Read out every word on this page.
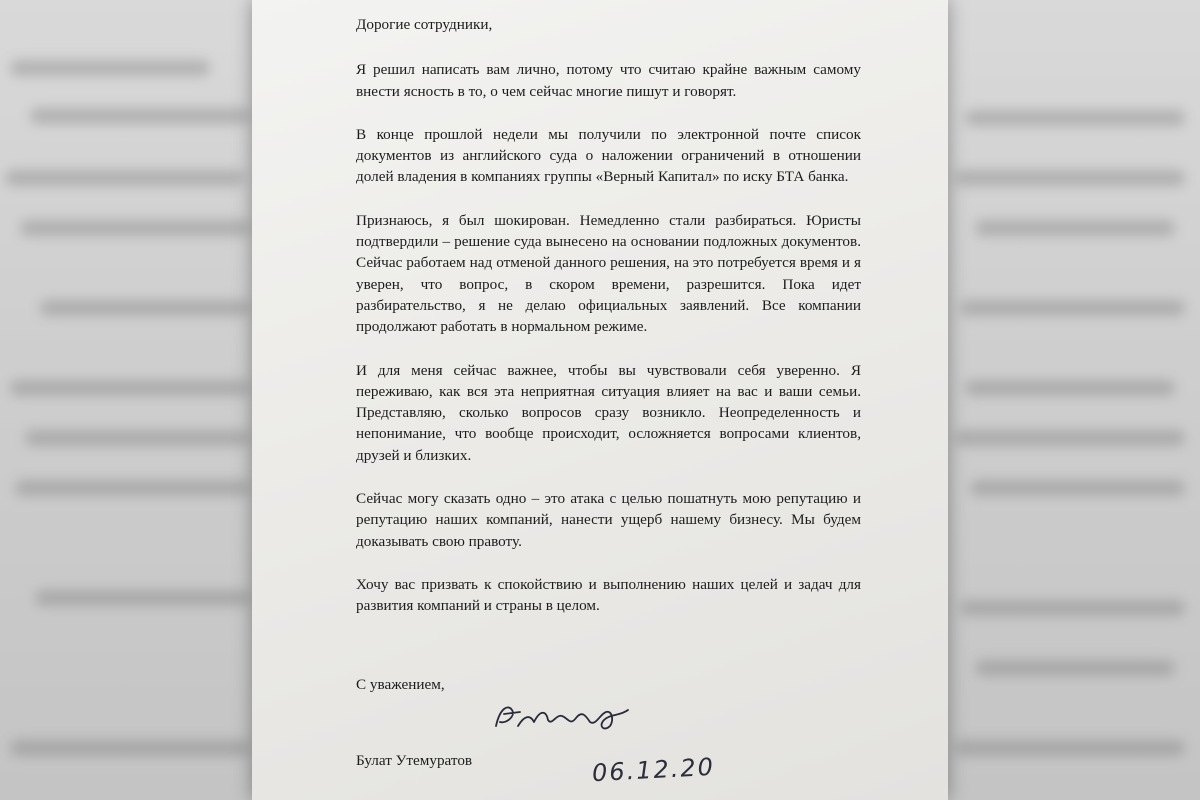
Дорогие сотрудники,

Я решил написать вам лично, потому что считаю крайне важным самому внести ясность в то, о чем сейчас многие пишут и говорят.

В конце прошлой недели мы получили по электронной почте список документов из английского суда о наложении ограничений в отношении долей владения в компаниях группы «Верный Капитал» по иску БТА банка.

Признаюсь, я был шокирован. Немедленно стали разбираться. Юристы подтвердили – решение суда вынесено на основании подложных документов. Сейчас работаем над отменой данного решения, на это потребуется время и я уверен, что вопрос, в скором времени, разрешится. Пока идет разбирательство, я не делаю официальных заявлений. Все компании продолжают работать в нормальном режиме.

И для меня сейчас важнее, чтобы вы чувствовали себя уверенно. Я переживаю, как вся эта неприятная ситуация влияет на вас и ваши семьи. Представляю, сколько вопросов сразу возникло. Неопределенность и непонимание, что вообще происходит, осложняется вопросами клиентов, друзей и близких.

Сейчас могу сказать одно – это атака с целью пошатнуть мою репутацию и репутацию наших компаний, нанести ущерб нашему бизнесу. Мы будем доказывать свою правоту.

Хочу вас призвать к спокойствию и выполнению наших целей и задач для развития компаний и страны в целом.

С уважением,
Булат Утемуратов	06.12.20
